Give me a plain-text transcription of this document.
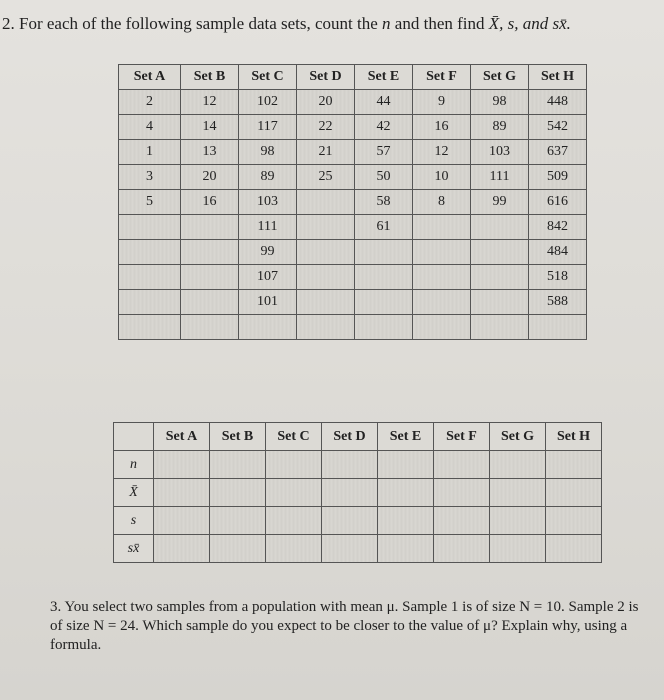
2. For each of the following sample data sets, count the n and then find X̄, s, and sx̄.
Set A	Set B	Set C	Set D	Set E	Set F	Set G	Set H
2	12	102	20	44	9	98	448
4	14	117	22	42	16	89	542
1	13	98	21	57	12	103	637
3	20	89	25	50	10	111	509
5	16	103		58	8	99	616
		111		61			842
		99					484
		107					518
		101					588

	Set A	Set B	Set C	Set D	Set E	Set F	Set G	Set H
n								
X̄								
s								
sx̄								
3. You select two samples from a population with mean μ. Sample 1 is of size N = 10. Sample 2 is of size N = 24. Which sample do you expect to be closer to the value of μ? Explain why, using a formula.
